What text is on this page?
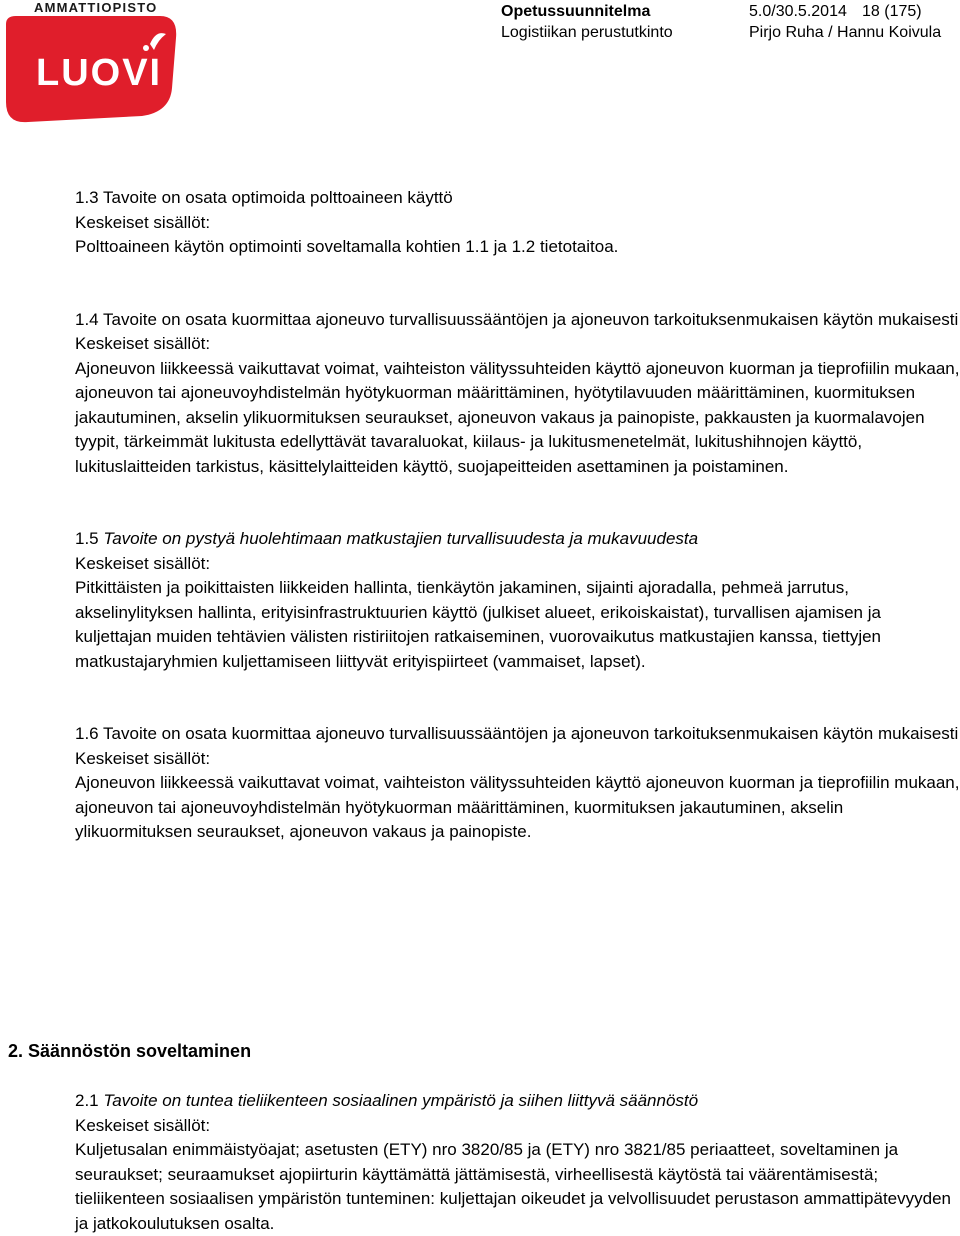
AMMATTIOPISTO
LUOVI
Opetussuunnitelma
Logistiikan perustutkinto
5.0/30.5.2014 18 (175)
Pirjo Ruha / Hannu Koivula

1.3 Tavoite on osata optimoida polttoaineen käyttö

Keskeiset sisällöt:

Polttoaineen käytön optimointi soveltamalla kohtien 1.1 ja 1.2 tietotaitoa.

1.4 Tavoite on osata kuormittaa ajoneuvo turvallisuussääntöjen ja ajoneuvon tarkoituksenmukaisen käytön mukaisesti

Keskeiset sisällöt:

Ajoneuvon liikkeessä vaikuttavat voimat, vaihteiston välityssuhteiden käyttö ajoneuvon kuorman ja tieprofiilin mukaan, ajoneuvon tai ajoneuvoyhdistelmän hyötykuorman määrittäminen, hyötytilavuuden määrittäminen, kuormituksen jakautuminen, akselin ylikuormituksen seuraukset, ajoneuvon vakaus ja painopiste, pakkausten ja kuormalavojen tyypit, tärkeimmät lukitusta edellyttävät tavaraluokat, kiilaus- ja lukitusmenetelmät, lukitushihnojen käyttö, lukituslaitteiden tarkistus, käsittelylaitteiden käyttö, suojapeitteiden asettaminen ja poistaminen.

1.5 Tavoite on pystyä huolehtimaan matkustajien turvallisuudesta ja mukavuudesta

Keskeiset sisällöt:

Pitkittäisten ja poikittaisten liikkeiden hallinta, tienkäytön jakaminen, sijainti ajoradalla, pehmeä jarrutus, akselinylityksen hallinta, erityisinfrastruktuurien käyttö (julkiset alueet, erikoiskaistat), turvallisen ajamisen ja kuljettajan muiden tehtävien välisten ristiriitojen ratkaiseminen, vuorovaikutus matkustajien kanssa, tiettyjen matkustajaryhmien kuljettamiseen liittyvät erityispiirteet (vammaiset, lapset).

1.6 Tavoite on osata kuormittaa ajoneuvo turvallisuussääntöjen ja ajoneuvon tarkoituksenmukaisen käytön mukaisesti

Keskeiset sisällöt:

Ajoneuvon liikkeessä vaikuttavat voimat, vaihteiston välityssuhteiden käyttö ajoneuvon kuorman ja tieprofiilin mukaan, ajoneuvon tai ajoneuvoyhdistelmän hyötykuorman määrittäminen, kuormituksen jakautuminen, akselin ylikuormituksen seuraukset, ajoneuvon vakaus ja painopiste.

2. Säännöstön soveltaminen

2.1 Tavoite on tuntea tieliikenteen sosiaalinen ympäristö ja siihen liittyvä säännöstö

Keskeiset sisällöt:

Kuljetusalan enimmäistyöajat; asetusten (ETY) nro 3820/85 ja (ETY) nro 3821/85 periaatteet, soveltaminen ja seuraukset; seuraamukset ajopiirturin käyttämättä jättämisestä, virheellisestä käytöstä tai väärentämisestä; tieliikenteen sosiaalisen ympäristön tunteminen: kuljettajan oikeudet ja velvollisuudet perustason ammattipätevyyden ja jatkokoulutuksen osalta.
